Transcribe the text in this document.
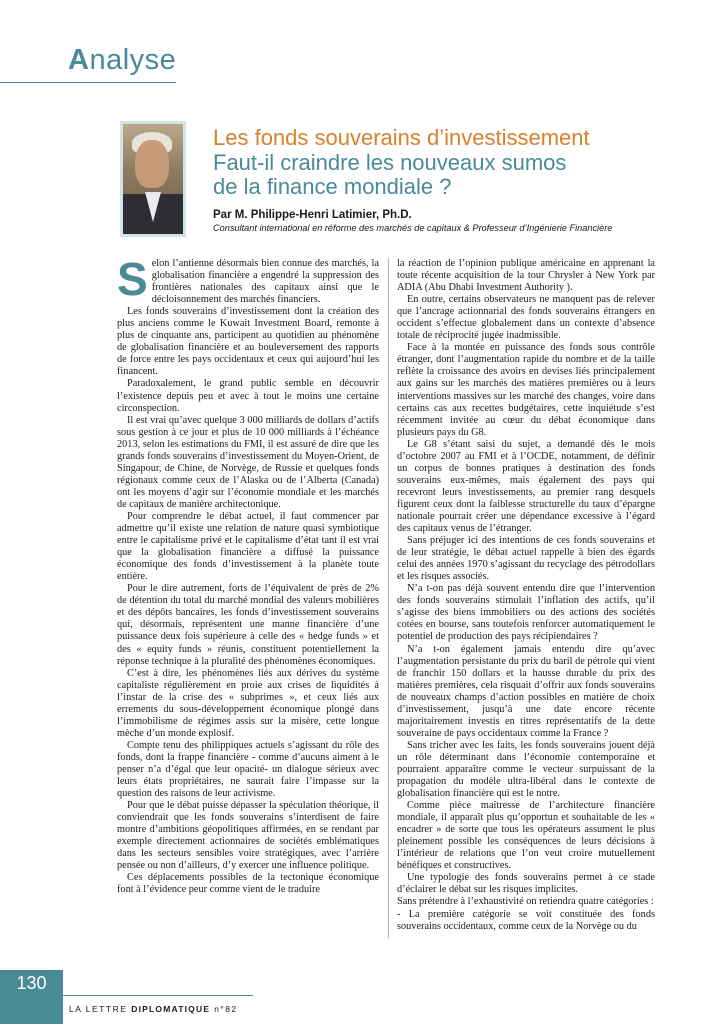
Analyse
Les fonds souverains d’investissement
Faut-il craindre les nouveaux sumos
de la finance mondiale ?
Par M. Philippe-Henri Latimier, Ph.D.
Consultant international en réforme des marchés de capitaux & Professeur d’Ingénierie Financière
S elon l’antienne désormais bien connue des marchés, la globalisation financière a engendré la suppression des frontières nationales des capitaux ainsi que le décloisonnement des marchés financiers.

Les fonds souverains d’investissement dont la création des plus anciens comme le Kuwait Investment Board, remonte à plus de cinquante ans, participent au quotidien au phénomène de globalisation financière et au bouleversement des rapports de force entre les pays occidentaux et ceux qui aujourd’hui les financent.

Paradoxalement, le grand public semble en découvrir l’existence depuis peu et avec à tout le moins une certaine circonspection.

Il est vrai qu’avec quelque 3 000 milliards de dollars d’actifs sous gestion à ce jour et plus de 10 000 milliards à l’échéance 2013, selon les estimations du FMI, il est assuré de dire que les grands fonds souverains d’investissement du Moyen-Orient, de Singapour, de Chine, de Norvège, de Russie et quelques fonds régionaux comme ceux de l’Alaska ou de l’Alberta (Canada) ont les moyens d’agir sur l’économie mondiale et les marchés de capitaux de manière architectonique.

Pour comprendre le débat actuel, il faut commencer par admettre qu’il existe une relation de nature quasi symbiotique entre le capitalisme privé et le capitalisme d’état tant il est vrai que la globalisation financière a diffusé la puissance économique des fonds d’investissement à la planète toute entière.

Pour le dire autrement, forts de l’équivalent de près de 2% de détention du total du marché mondial des valeurs mobilières et des dépôts bancaires, les fonds d’investissement souverains qui, désormais, représentent une manne financière d’une puissance deux fois supérieure à celle des « hedge funds » et des « equity funds » réunis, constituent potentiellement la réponse technique à la pluralité des phénomènes économiques.

C’est à dire, les phénomènes liés aux dérives du système capitaliste régulièrement en proie aux crises de liquidités à l’instar de la crise des « subprimes », et ceux liés aux errements du sous-développement économique plongé dans l’immobilisme de régimes assis sur la misère, cette longue mèche d’un monde explosif.

Compte tenu des philippiques actuels s’agissant du rôle des fonds, dont la frappe financière - comme d’aucuns aiment à le penser n’a d’égal que leur opacité- un dialogue sérieux avec leurs états propriétaires, ne saurait faire l’impasse sur la question des raisons de leur activisme.

Pour que le débat puisse dépasser la spéculation théorique, il conviendrait que les fonds souverains s’interdisent de faire montre d’ambitions géopolitiques affirmées, en se rendant par exemple directement actionnaires de sociétés emblématiques dans les secteurs sensibles voire stratégiques, avec l’arrière pensée ou non d’ailleurs, d’y exercer une influence politique.

Ces déplacements possibles de la tectonique économique font à l’évidence peur comme vient de le traduire

la réaction de l’opinion publique américaine en apprenant la toute récente acquisition de la tour Chrysler à New York par ADIA (Abu Dhabi Investment Authority ).

En outre, certains observateurs ne manquent pas de relever que l’ancrage actionnarial des fonds souverains étrangers en occident s’effectue globalement dans un contexte d’absence totale de réciprocité jugée inadmissible.

Face à la montée en puissance des fonds sous contrôle étranger, dont l’augmentation rapide du nombre et de la taille reflète la croissance des avoirs en devises liés principalement aux gains sur les marchés des matières premières ou à leurs interventions massives sur les marché des changes, voire dans certains cas aux recettes budgétaires, cette inquiétude s’est récemment invitée au cœur du débat économique dans plusieurs pays du G8.

Le G8 s’étant saisi du sujet, a demandé dès le mois d’octobre 2007 au FMI et à l’OCDE, notamment, de définir un corpus de bonnes pratiques à destination des fonds souverains eux-mêmes, mais également des pays qui recevront leurs investissements, au premier rang desquels figurent ceux dont la faiblesse structurelle du taux d’épargne nationale pourrait créer une dépendance excessive à l’égard des capitaux venus de l’étranger.

Sans préjuger ici des intentions de ces fonds souverains et de leur stratégie, le débat actuel rappelle à bien des égards celui des années 1970 s’agissant du recyclage des pétrodollars et les risques associés.

N’a t-on pas déjà souvent entendu dire que l’intervention des fonds souverains stimulait l’inflation des actifs, qu’il s’agisse des biens immobiliers ou des actions des sociétés cotées en bourse, sans toutefois renforcer automatiquement le potentiel de production des pays récipiendaires ?

N’a t-on également jamais entendu dire qu’avec l’augmentation persistante du prix du baril de pétrole qui vient de franchir 150 dollars et la hausse durable du prix des matières premières, cela risquait d’offrir aux fonds souverains de nouveaux champs d’action possibles en matière de choix d’investissement, jusqu’à une date encore récente majoritairement investis en titres représentatifs de la dette souveraine de pays occidentaux comme la France ?

Sans tricher avec les faits, les fonds souverains jouent déjà un rôle déterminant dans l’économie contemporaine et pourraient apparaître comme le vecteur surpuissant de la propagation du modèle ultra-libéral dans le contexte de globalisation financière qui est le notre.

Comme pièce maîtresse de l’architecture financière mondiale, il apparaît plus qu’opportun et souhaitable de les « encadrer » de sorte que tous les opérateurs assument le plus pleinement possible les conséquences de leurs décisions à l’intérieur de relations que l’on veut croire mutuellement bénéfiques et constructives.

Une typologie des fonds souverains permet à ce stade d’éclairer le débat sur les risques implicites.

Sans prétendre à l’exhaustivité on retiendra quatre catégories :

- La première catégorie se voit constituée des fonds souverains occidentaux, comme ceux de la Norvège ou du

130
LA LETTRE DIPLOMATIQUE n°82
